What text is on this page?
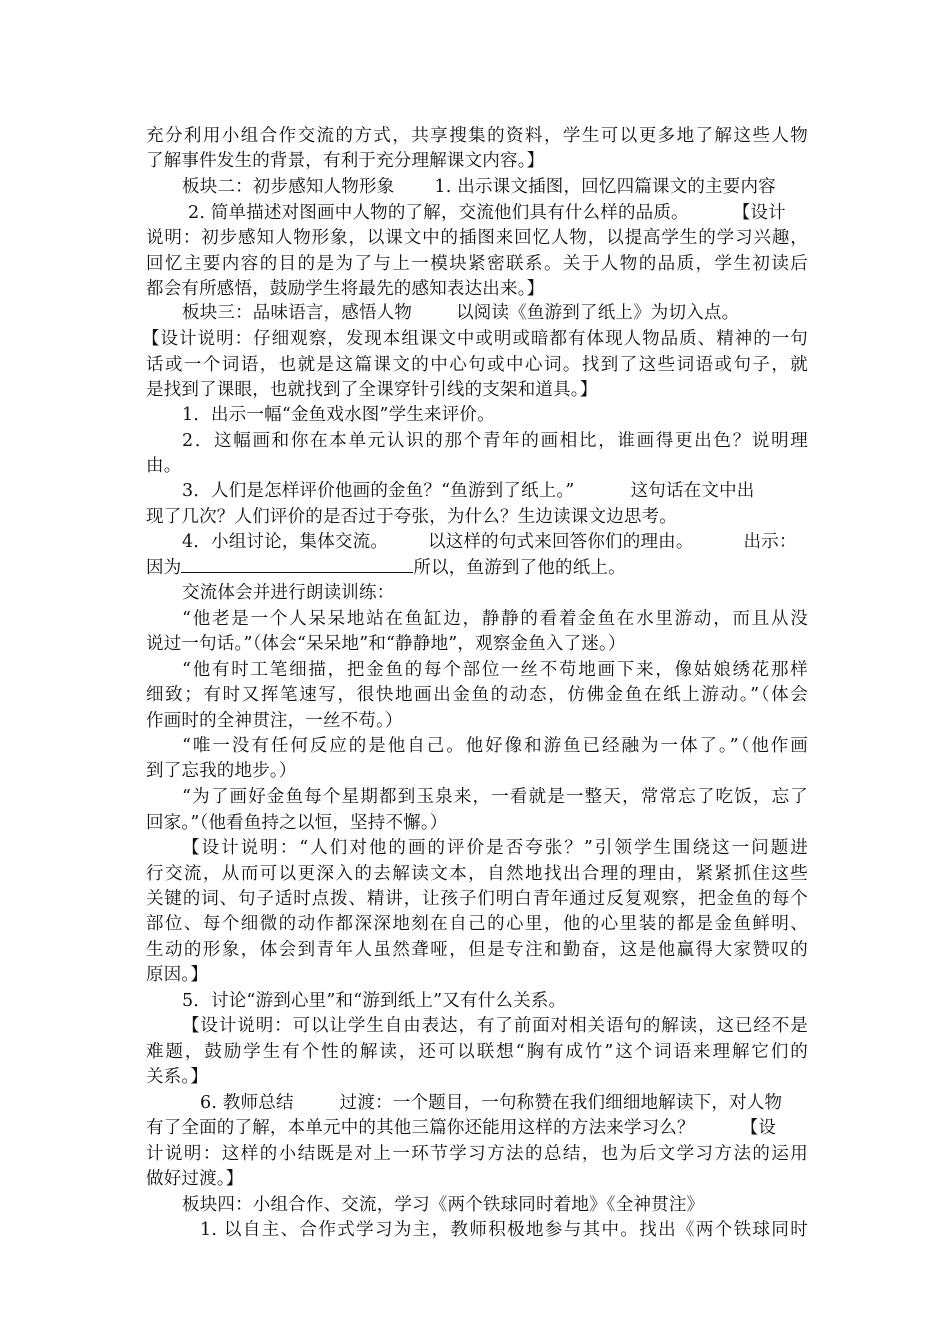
充分利用小组合作交流的方式，共享搜集的资料，学生可以更多地了解这些人物
了解事件发生的背景，有利于充分理解课文内容。】
板块二：初步感知人物形象 1. 出示课文插图，回忆四篇课文的主要内容
2. 简单描述对图画中人物的了解，交流他们具有什么样的品质。	【设计
说明：初步感知人物形象，以课文中的插图来回忆人物，以提高学生的学习兴趣，
回忆主要内容的目的是为了与上一模块紧密联系。关于人物的品质，学生初读后
都会有所感悟，鼓励学生将最先的感知表达出来。】
板块三：品味语言，感悟人物	以阅读《鱼游到了纸上》为切入点。
【设计说明：仔细观察，发现本组课文中或明或暗都有体现人物品质、精神的一句
话或一个词语，也就是这篇课文的中心句或中心词。找到了这些词语或句子，就
是找到了课眼，也就找到了全课穿针引线的支架和道具。】
1．出示一幅“金鱼戏水图”学生来评价。
2．这幅画和你在本单元认识的那个青年的画相比，谁画得更出色？说明理
由。
3．人们是怎样评价他画的金鱼？“鱼游到了纸上。”	这句话在文中出
现了几次？人们评价的是否过于夸张，为什么？生边读课文边思考。
4．小组讨论，集体交流。 以这样的句式来回答你们的理由。	出示：
因为	所以，鱼游到了他的纸上。
交流体会并进行朗读训练：
“他老是一个人呆呆地站在鱼缸边，静静的看着金鱼在水里游动，而且从没
说过一句话。”（体会“呆呆地”和“静静地”，观察金鱼入了迷。）
“他有时工笔细描，把金鱼的每个部位一丝不苟地画下来，像姑娘绣花那样
细致；有时又挥笔速写，很快地画出金鱼的动态，仿佛金鱼在纸上游动。”（体会
作画时的全神贯注，一丝不苟。）
“唯一没有任何反应的是他自己。他好像和游鱼已经融为一体了。”（他作画
到了忘我的地步。）
“为了画好金鱼每个星期都到玉泉来，一看就是一整天，常常忘了吃饭，忘了
回家。”（他看鱼持之以恒，坚持不懈。）
【设计说明：“人们对他的画的评价是否夸张？”引领学生围绕这一问题进
行交流，从而可以更深入的去解读文本，自然地找出合理的理由，紧紧抓住这些
关键的词、句子适时点拨、精讲，让孩子们明白青年通过反复观察，把金鱼的每个
部位、每个细微的动作都深深地刻在自己的心里，他的心里装的都是金鱼鲜明、
生动的形象，体会到青年人虽然聋哑，但是专注和勤奋，这是他赢得大家赞叹的
原因。】
5．讨论“游到心里”和“游到纸上”又有什么关系。
【设计说明：可以让学生自由表达，有了前面对相关语句的解读，这已经不是
难题，鼓励学生有个性的解读，还可以联想“胸有成竹”这个词语来理解它们的
关系。】
6. 教师总结	过渡：一个题目，一句称赞在我们细细地解读下，对人物
有了全面的了解，本单元中的其他三篇你还能用这样的方法来学习么？	【设
计说明：这样的小结既是对上一环节学习方法的总结，也为后文学习方法的运用
做好过渡。】
板块四：小组合作、交流，学习《两个铁球同时着地》《全神贯注》
1. 以自主、合作式学习为主，教师积极地参与其中。找出《两个铁球同时
